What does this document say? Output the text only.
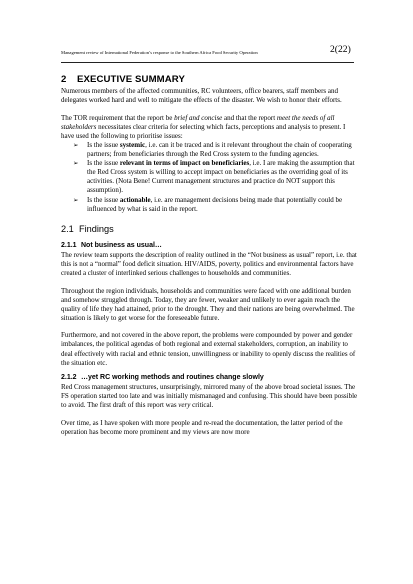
Management review of International Federation’s response to the Southern Africa Food Security Operation	2(22)
2 EXECUTIVE SUMMARY

Numerous members of the affected communities, RC volunteers, office bearers, staff members and delegates worked hard and well to mitigate the effects of the disaster. We wish to honor their efforts.

The TOR requirement that the report be brief and concise and that the report meet the needs of all stakeholders necessitates clear criteria for selecting which facts, perceptions and analysis to present. I have used the following to prioritise issues:

➢ Is the issue systemic, i.e. can it be traced and is it relevant throughout the chain of cooperating partners; from beneficiaries through the Red Cross system to the funding agencies.
➢ Is the issue relevant in terms of impact on beneficiaries, i.e. I are making the assumption that the Red Cross system is willing to accept impact on beneficiaries as the overriding goal of its activities. (Nota Bene! Current management structures and practice do NOT support this assumption).
➢ Is the issue actionable, i.e. are management decisions being made that potentially could be influenced by what is said in the report.
2.1 Findings
2.1.1 Not business as usual…

The review team supports the description of reality outlined in the “Not business as usual” report, i.e. that this is not a “normal” food deficit situation. HIV/AIDS, poverty, politics and environmental factors have created a cluster of interlinked serious challenges to households and communities.

Throughout the region individuals, households and communities were faced with one additional burden and somehow struggled through. Today, they are fewer, weaker and unlikely to ever again reach the quality of life they had attained, prior to the drought. They and their nations are being overwhelmed. The situation is likely to get worse for the foreseeable future.

Furthermore, and not covered in the above report, the problems were compounded by power and gender imbalances, the political agendas of both regional and external stakeholders, corruption, an inability to deal effectively with racial and ethnic tension, unwillingness or inability to openly discuss the realities of the situation etc.

2.1.2 …yet RC working methods and routines change slowly

Red Cross management structures, unsurprisingly, mirrored many of the above broad societal issues. The FS operation started too late and was initially mismanaged and confusing. This should have been possible to avoid. The first draft of this report was very critical.

Over time, as I have spoken with more people and re-read the documentation, the latter period of the operation has become more prominent and my views are now more
